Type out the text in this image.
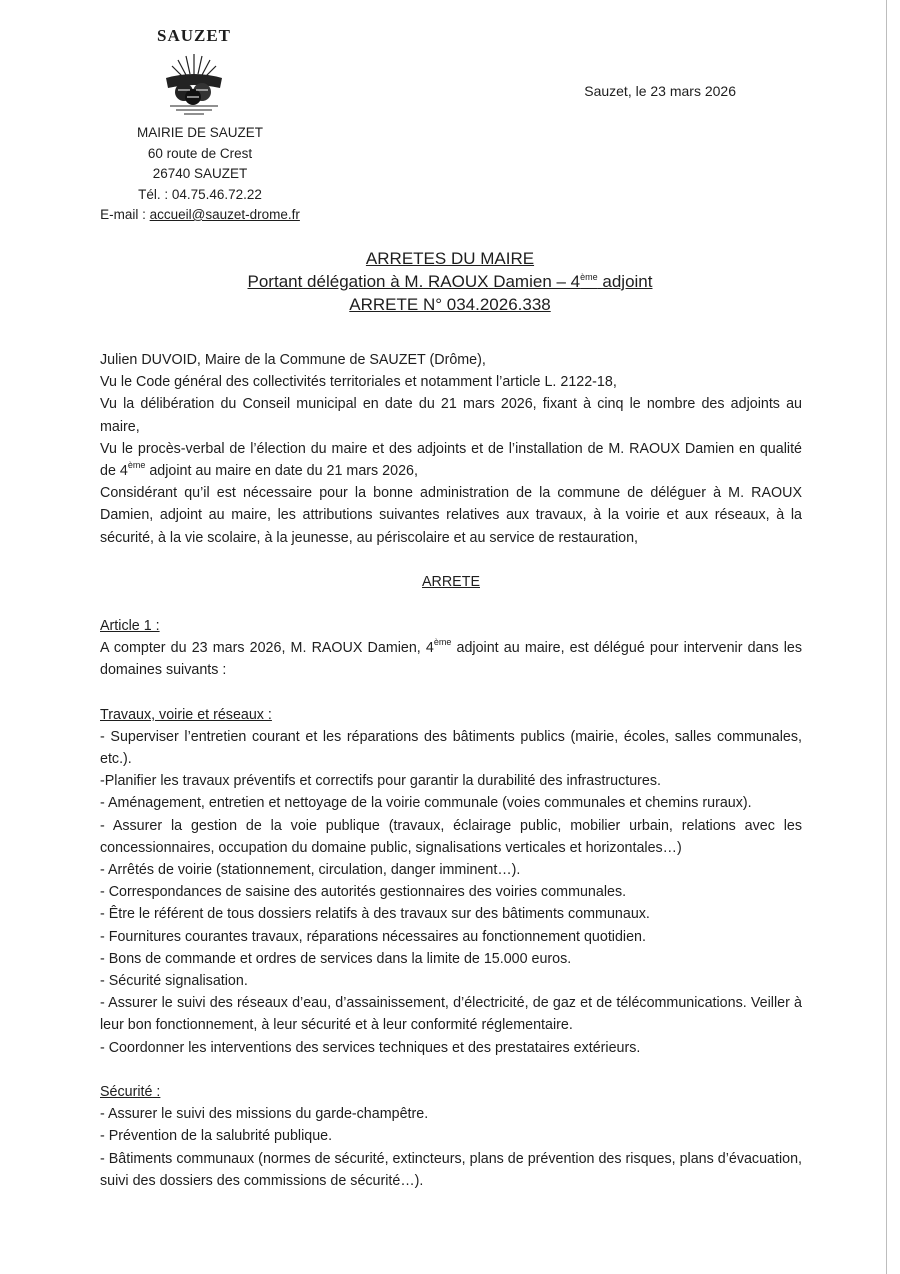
SAUZET
MAIRIE DE SAUZET
60 route de Crest
26740 SAUZET
Tél. : 04.75.46.72.22
E-mail : accueil@sauzet-drome.fr
Sauzet, le 23 mars 2026
ARRETES DU MAIRE
Portant délégation à M. RAOUX Damien – 4ème adjoint
ARRETE N° 034.2026.338
Julien DUVOID, Maire de la Commune de SAUZET (Drôme),
Vu le Code général des collectivités territoriales et notamment l’article L. 2122-18,
Vu la délibération du Conseil municipal en date du 21 mars 2026, fixant à cinq le nombre des adjoints au maire,
Vu le procès-verbal de l’élection du maire et des adjoints et de l’installation de M. RAOUX Damien en qualité de 4ème adjoint au maire en date du 21 mars 2026,
Considérant qu’il est nécessaire pour la bonne administration de la commune de déléguer à M. RAOUX Damien, adjoint au maire, les attributions suivantes relatives aux travaux, à la voirie et aux réseaux, à la sécurité, à la vie scolaire, à la jeunesse, au périscolaire et au service de restauration,
ARRETE
Article 1 :
A compter du 23 mars 2026, M. RAOUX Damien, 4ème adjoint au maire, est délégué pour intervenir dans les domaines suivants :
Travaux, voirie et réseaux :
- Superviser l’entretien courant et les réparations des bâtiments publics (mairie, écoles, salles communales, etc.).
-Planifier les travaux préventifs et correctifs pour garantir la durabilité des infrastructures.
- Aménagement, entretien et nettoyage de la voirie communale (voies communales et chemins ruraux).
- Assurer la gestion de la voie publique (travaux, éclairage public, mobilier urbain, relations avec les concessionnaires, occupation du domaine public, signalisations verticales et horizontales…)
- Arrêtés de voirie (stationnement, circulation, danger imminent…).
- Correspondances de saisine des autorités gestionnaires des voiries communales.
- Être le référent de tous dossiers relatifs à des travaux sur des bâtiments communaux.
- Fournitures courantes travaux, réparations nécessaires au fonctionnement quotidien.
- Bons de commande et ordres de services dans la limite de 15.000 euros.
- Sécurité signalisation.
- Assurer le suivi des réseaux d’eau, d’assainissement, d’électricité, de gaz et de télécommunications. Veiller à leur bon fonctionnement, à leur sécurité et à leur conformité réglementaire.
- Coordonner les interventions des services techniques et des prestataires extérieurs.
Sécurité :
- Assurer le suivi des missions du garde-champêtre.
- Prévention de la salubrité publique.
- Bâtiments communaux (normes de sécurité, extincteurs, plans de prévention des risques, plans d’évacuation, suivi des dossiers des commissions de sécurité…).
